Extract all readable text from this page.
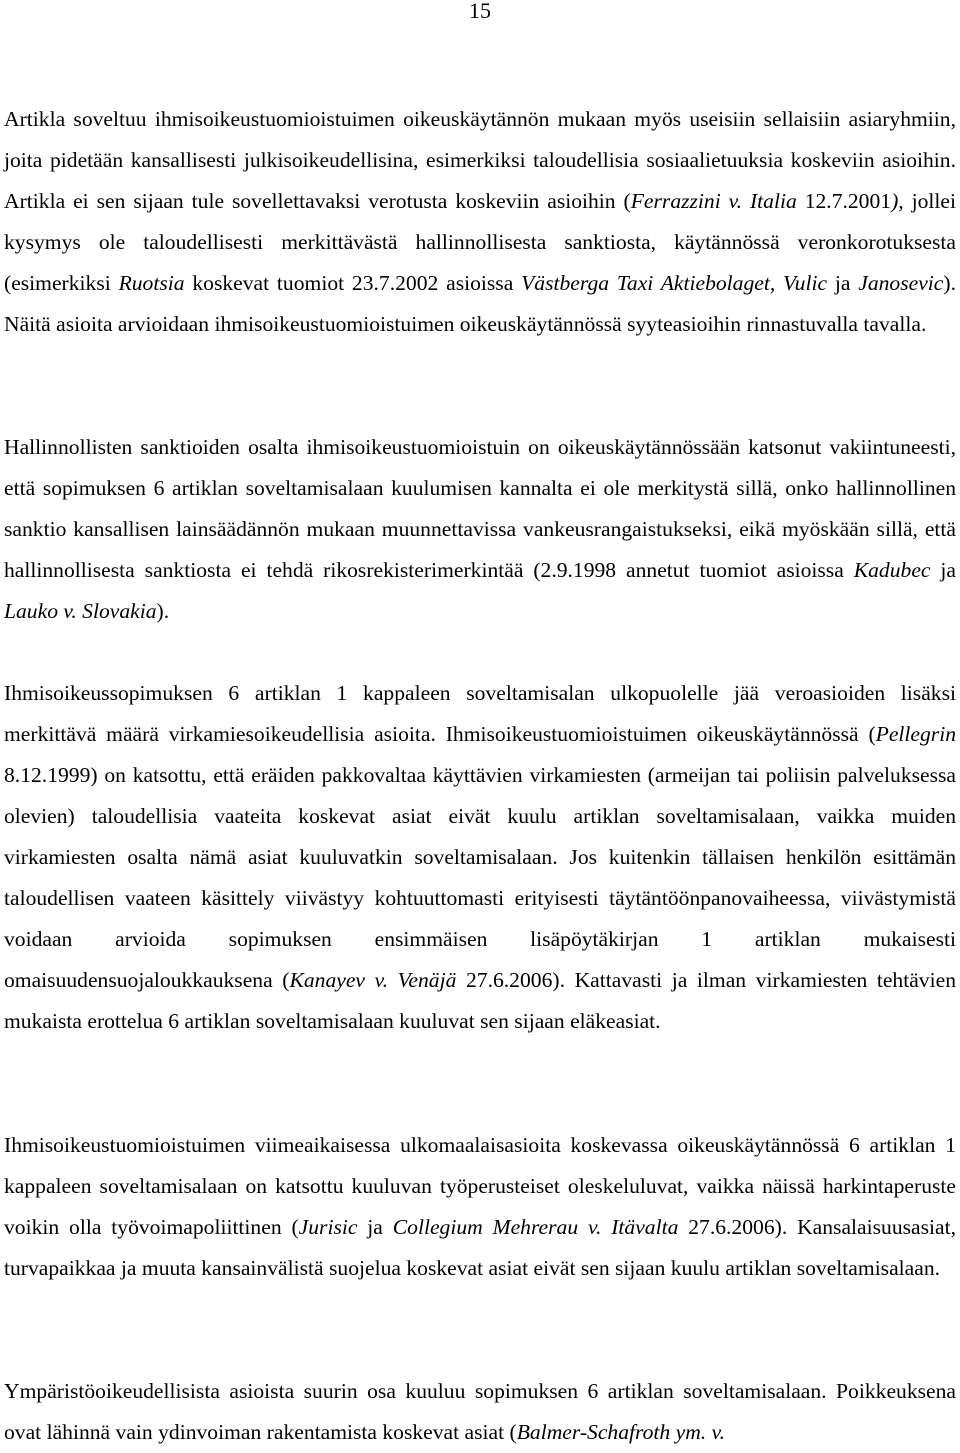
15

Artikla soveltuu ihmisoikeustuomioistuimen oikeuskäytännön mukaan myös useisiin sellaisiin asiaryhmiin, joita pidetään kansallisesti julkisoikeudellisina, esimerkiksi taloudellisia sosiaalietuuksia koskeviin asioihin. Artikla ei sen sijaan tule sovellettavaksi verotusta koskeviin asioihin (Ferrazzini v. Italia 12.7.2001), jollei kysymys ole taloudellisesti merkittävästä hallinnollisesta sanktiosta, käytännössä veronkorotuksesta (esimerkiksi Ruotsia koskevat tuomiot 23.7.2002 asioissa Västberga Taxi Aktiebolaget, Vulic ja Janosevic). Näitä asioita arvioidaan ihmisoikeustuomioistuimen oikeuskäytännössä syyteasioihin rinnastuvalla tavalla.

Hallinnollisten sanktioiden osalta ihmisoikeustuomioistuin on oikeuskäytännössään katsonut vakiintuneesti, että sopimuksen 6 artiklan soveltamisalaan kuulumisen kannalta ei ole merkitystä sillä, onko hallinnollinen sanktio kansallisen lainsäädännön mukaan muunnettavissa vankeusrangaistukseksi, eikä myöskään sillä, että hallinnollisesta sanktiosta ei tehdä rikosrekisterimerkintää (2.9.1998 annetut tuomiot asioissa Kadubec ja Lauko v. Slovakia).

Ihmisoikeussopimuksen 6 artiklan 1 kappaleen soveltamisalan ulkopuolelle jää veroasioiden lisäksi merkittävä määrä virkamiesoikeudellisia asioita. Ihmisoikeustuomioistuimen oikeuskäytännössä (Pellegrin 8.12.1999) on katsottu, että eräiden pakkovaltaa käyttävien virkamiesten (armeijan tai poliisin palveluksessa olevien) taloudellisia vaateita koskevat asiat eivät kuulu artiklan soveltamisalaan, vaikka muiden virkamiesten osalta nämä asiat kuuluvatkin soveltamisalaan. Jos kuitenkin tällaisen henkilön esittämän taloudellisen vaateen käsittely viivästyy kohtuuttomasti erityisesti täytäntöönpanovaiheessa, viivästymistä voidaan arvioida sopimuksen ensimmäisen lisäpöytäkirjan 1 artiklan mukaisesti omaisuudensuojaloukkauksena (Kanayev v. Venäjä 27.6.2006). Kattavasti ja ilman virkamiesten tehtävien mukaista erottelua 6 artiklan soveltamisalaan kuuluvat sen sijaan eläkeasiat.

Ihmisoikeustuomioistuimen viimeaikaisessa ulkomaalaisasioita koskevassa oikeuskäytännössä 6 artiklan 1 kappaleen soveltamisalaan on katsottu kuuluvan työperusteiset oleskeluluvat, vaikka näissä harkintaperuste voikin olla työvoimapoliittinen (Jurisic ja Collegium Mehrerau v. Itävalta 27.6.2006). Kansalaisuusasiat, turvapaikkaa ja muuta kansainvälistä suojelua koskevat asiat eivät sen sijaan kuulu artiklan soveltamisalaan.

Ympäristöoikeudellisista asioista suurin osa kuuluu sopimuksen 6 artiklan soveltamisalaan. Poikkeuksena ovat lähinnä vain ydinvoiman rakentamista koskevat asiat (Balmer-Schafroth ym. v.
